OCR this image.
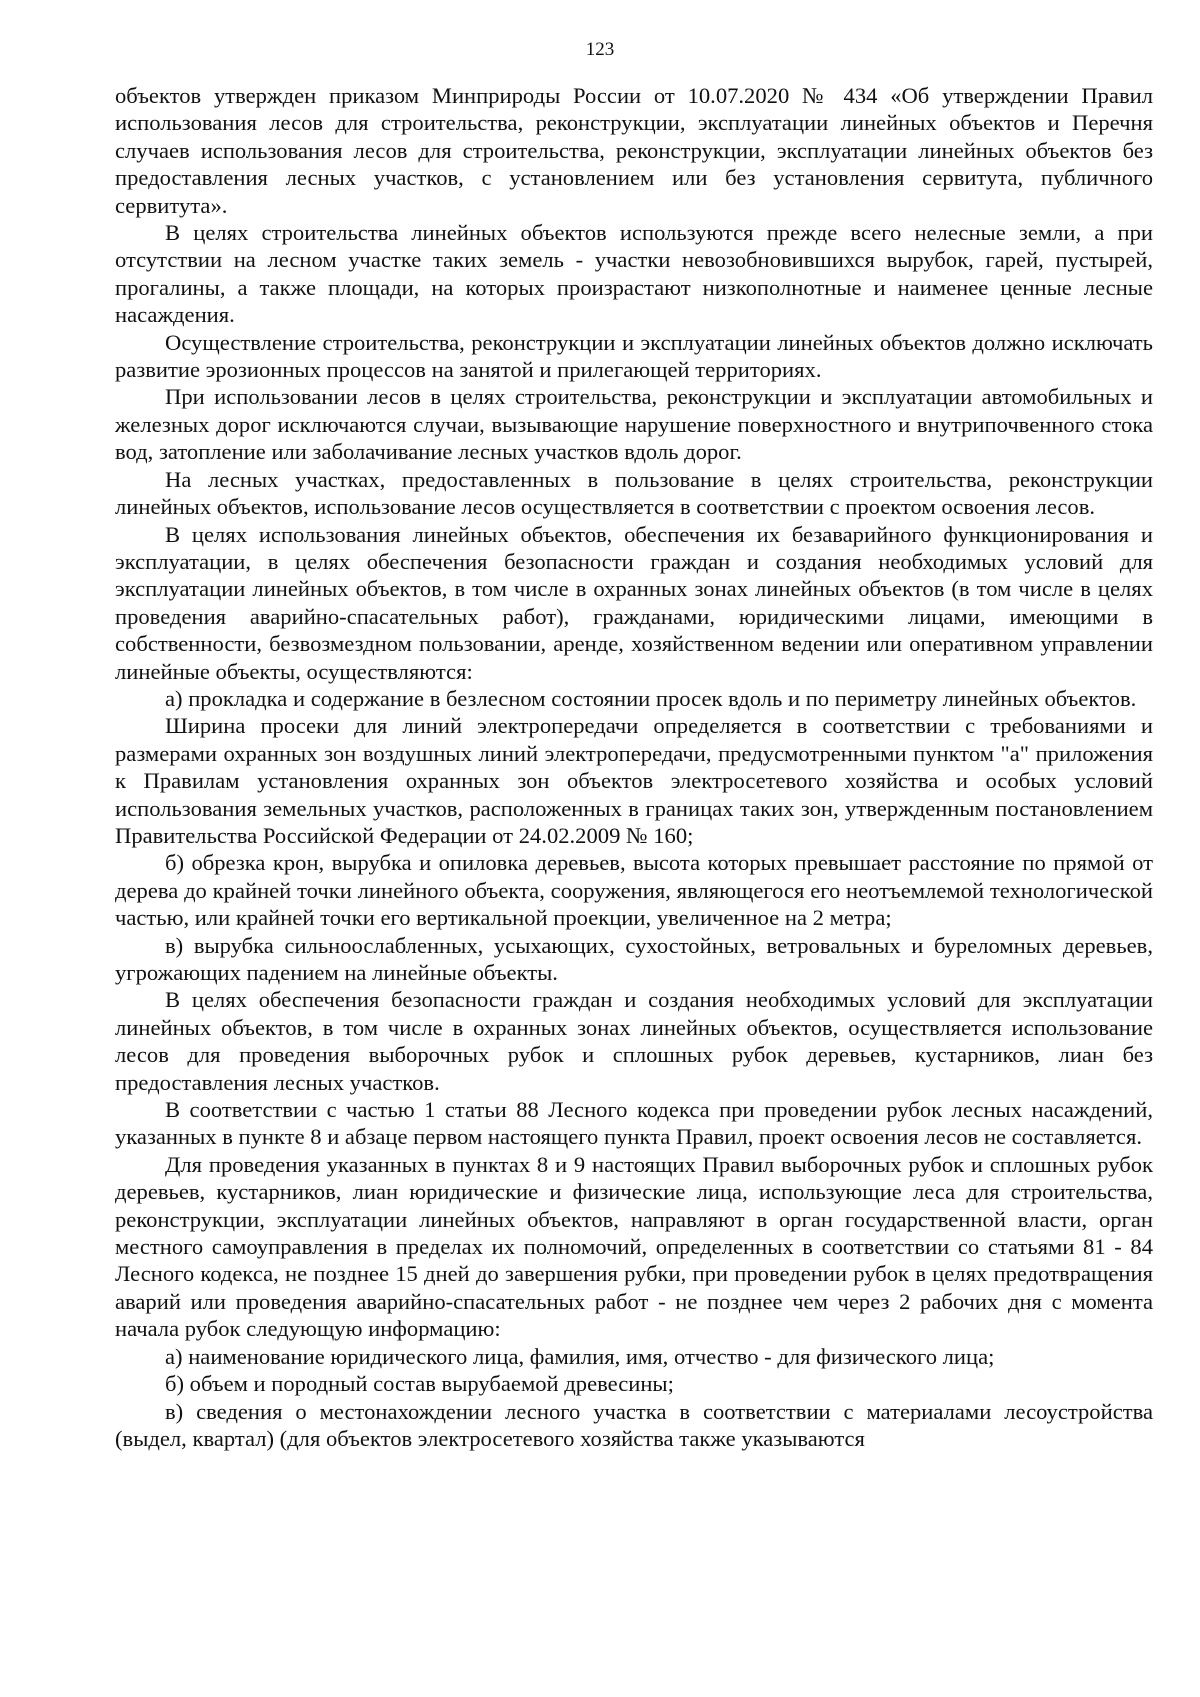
123

объектов утвержден приказом Минприроды России от 10.07.2020 № 434 «Об утверждении Правил использования лесов для строительства, реконструкции, эксплуатации линейных объектов и Перечня случаев использования лесов для строительства, реконструкции, эксплуатации линейных объектов без предоставления лесных участков, с установлением или без установления сервитута, публичного сервитута».

В целях строительства линейных объектов используются прежде всего нелесные земли, а при отсутствии на лесном участке таких земель - участки невозобновившихся вырубок, гарей, пустырей, прогалины, а также площади, на которых произрастают низкополнотные и наименее ценные лесные насаждения.

Осуществление строительства, реконструкции и эксплуатации линейных объектов должно исключать развитие эрозионных процессов на занятой и прилегающей территориях.

При использовании лесов в целях строительства, реконструкции и эксплуатации автомобильных и железных дорог исключаются случаи, вызывающие нарушение поверхностного и внутрипочвенного стока вод, затопление или заболачивание лесных участков вдоль дорог.

На лесных участках, предоставленных в пользование в целях строительства, реконструкции линейных объектов, использование лесов осуществляется в соответствии с проектом освоения лесов.

В целях использования линейных объектов, обеспечения их безаварийного функционирования и эксплуатации, в целях обеспечения безопасности граждан и создания необходимых условий для эксплуатации линейных объектов, в том числе в охранных зонах линейных объектов (в том числе в целях проведения аварийно-спасательных работ), гражданами, юридическими лицами, имеющими в собственности, безвозмездном пользовании, аренде, хозяйственном ведении или оперативном управлении линейные объекты, осуществляются:

а) прокладка и содержание в безлесном состоянии просек вдоль и по периметру линейных объектов.

Ширина просеки для линий электропередачи определяется в соответствии с требованиями и размерами охранных зон воздушных линий электропередачи, предусмотренными пунктом "а" приложения к Правилам установления охранных зон объектов электросетевого хозяйства и особых условий использования земельных участков, расположенных в границах таких зон, утвержденным постановлением Правительства Российской Федерации от 24.02.2009 № 160;

б) обрезка крон, вырубка и опиловка деревьев, высота которых превышает расстояние по прямой от дерева до крайней точки линейного объекта, сооружения, являющегося его неотъемлемой технологической частью, или крайней точки его вертикальной проекции, увеличенное на 2 метра;

в) вырубка сильноослабленных, усыхающих, сухостойных, ветровальных и буреломных деревьев, угрожающих падением на линейные объекты.

В целях обеспечения безопасности граждан и создания необходимых условий для эксплуатации линейных объектов, в том числе в охранных зонах линейных объектов, осуществляется использование лесов для проведения выборочных рубок и сплошных рубок деревьев, кустарников, лиан без предоставления лесных участков.

В соответствии с частью 1 статьи 88 Лесного кодекса при проведении рубок лесных насаждений, указанных в пункте 8 и абзаце первом настоящего пункта Правил, проект освоения лесов не составляется.

Для проведения указанных в пунктах 8 и 9 настоящих Правил выборочных рубок и сплошных рубок деревьев, кустарников, лиан юридические и физические лица, использующие леса для строительства, реконструкции, эксплуатации линейных объектов, направляют в орган государственной власти, орган местного самоуправления в пределах их полномочий, определенных в соответствии со статьями 81 - 84 Лесного кодекса, не позднее 15 дней до завершения рубки, при проведении рубок в целях предотвращения аварий или проведения аварийно-спасательных работ - не позднее чем через 2 рабочих дня с момента начала рубок следующую информацию:

а) наименование юридического лица, фамилия, имя, отчество - для физического лица;

б) объем и породный состав вырубаемой древесины;

в) сведения о местонахождении лесного участка в соответствии с материалами лесоустройства (выдел, квартал) (для объектов электросетевого хозяйства также указываются
